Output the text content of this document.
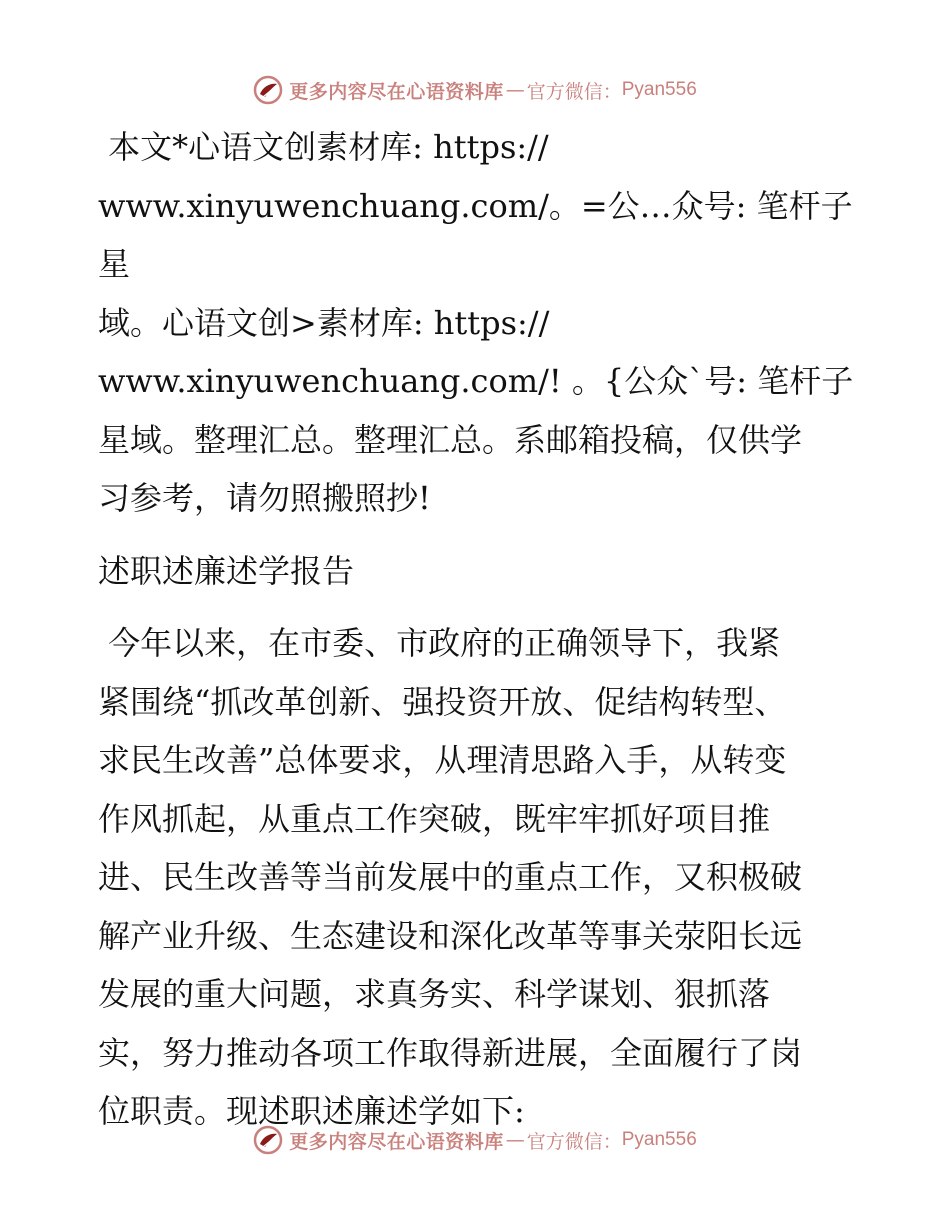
更多内容尽在心语资料库 — 官方微信： Pyan556

本文*心语文创素材库: https://
www.xinyuwenchuang.com/。=公…众号: 笔杆子星
域。心语文创>素材库: https://
www.xinyuwenchuang.com/! 。{公众`号: 笔杆子
星域。整理汇总。整理汇总。系邮箱投稿，仅供学
习参考，请勿照搬照抄!

述职述廉述学报告

今年以来，在市委、市政府的正确领导下，我紧
紧围绕“抓改革创新、强投资开放、促结构转型、
求民生改善”总体要求，从理清思路入手，从转变
作风抓起，从重点工作突破，既牢牢抓好项目推
进、民生改善等当前发展中的重点工作，又积极破
解产业升级、生态建设和深化改革等事关荥阳长远
发展的重大问题，求真务实、科学谋划、狠抓落
实，努力推动各项工作取得新进展，全面履行了岗
位职责。现述职述廉述学如下:

更多内容尽在心语资料库 — 官方微信： Pyan556
